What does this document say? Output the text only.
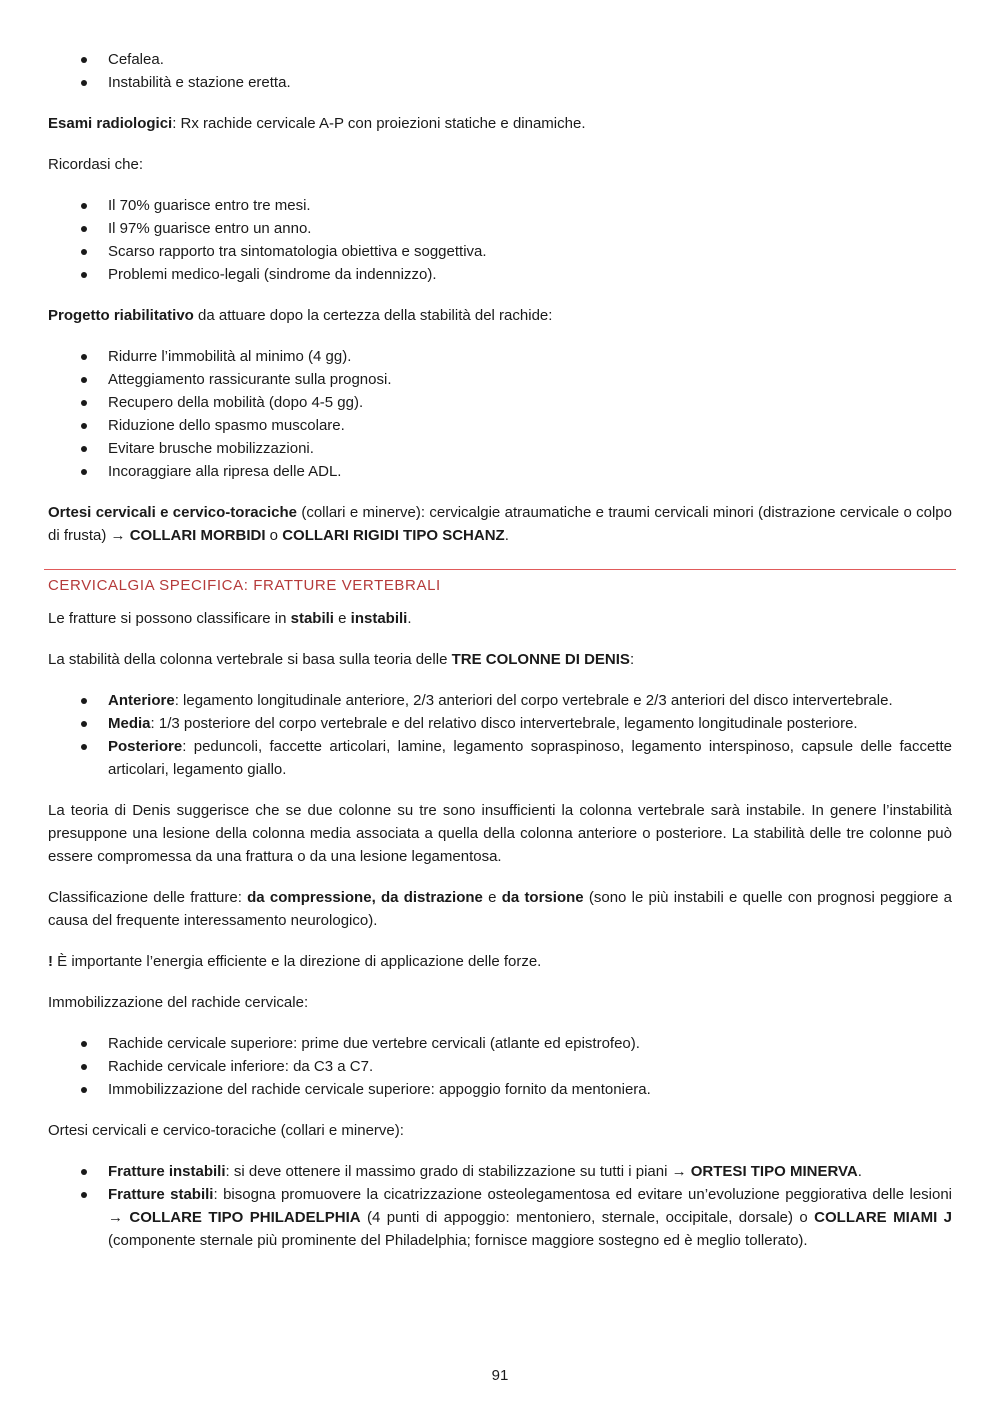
Cefalea.
Instabilità e stazione eretta.

Esami radiologici: Rx rachide cervicale A-P con proiezioni statiche e dinamiche.

Ricordasi che:

Il 70% guarisce entro tre mesi.
Il 97% guarisce entro un anno.
Scarso rapporto tra sintomatologia obiettiva e soggettiva.
Problemi medico-legali (sindrome da indennizzo).

Progetto riabilitativo da attuare dopo la certezza della stabilità del rachide:

Ridurre l’immobilità al minimo (4 gg).
Atteggiamento rassicurante sulla prognosi.
Recupero della mobilità (dopo 4-5 gg).
Riduzione dello spasmo muscolare.
Evitare brusche mobilizzazioni.
Incoraggiare alla ripresa delle ADL.

Ortesi cervicali e cervico-toraciche (collari e minerve): cervicalgie atraumatiche e traumi cervicali minori (distrazione cervicale o colpo di frusta) → COLLARI MORBIDI o COLLARI RIGIDI TIPO SCHANZ.

CERVICALGIA SPECIFICA: FRATTURE VERTEBRALI

Le fratture si possono classificare in stabili e instabili.

La stabilità della colonna vertebrale si basa sulla teoria delle TRE COLONNE DI DENIS:

Anteriore: legamento longitudinale anteriore, 2/3 anteriori del corpo vertebrale e 2/3 anteriori del disco intervertebrale.
Media: 1/3 posteriore del corpo vertebrale e del relativo disco intervertebrale, legamento longitudinale posteriore.
Posteriore: peduncoli, faccette articolari, lamine, legamento sopraspinoso, legamento interspinoso, capsule delle faccette articolari, legamento giallo.

La teoria di Denis suggerisce che se due colonne su tre sono insufficienti la colonna vertebrale sarà instabile. In genere l’instabilità presuppone una lesione della colonna media associata a quella della colonna anteriore o posteriore. La stabilità delle tre colonne può essere compromessa da una frattura o da una lesione legamentosa.

Classificazione delle fratture: da compressione, da distrazione e da torsione (sono le più instabili e quelle con prognosi peggiore a causa del frequente interessamento neurologico).

! È importante l’energia efficiente e la direzione di applicazione delle forze.

Immobilizzazione del rachide cervicale:

Rachide cervicale superiore: prime due vertebre cervicali (atlante ed epistrofeo).
Rachide cervicale inferiore: da C3 a C7.
Immobilizzazione del rachide cervicale superiore: appoggio fornito da mentoniera.

Ortesi cervicali e cervico-toraciche (collari e minerve):

Fratture instabili: si deve ottenere il massimo grado di stabilizzazione su tutti i piani → ORTESI TIPO MINERVA.
Fratture stabili: bisogna promuovere la cicatrizzazione osteolegamentosa ed evitare un’evoluzione peggiorativa delle lesioni → COLLARE TIPO PHILADELPHIA (4 punti di appoggio: mentoniero, sternale, occipitale, dorsale) o COLLARE MIAMI J (componente sternale più prominente del Philadelphia; fornisce maggiore sostegno ed è meglio tollerato).
91
